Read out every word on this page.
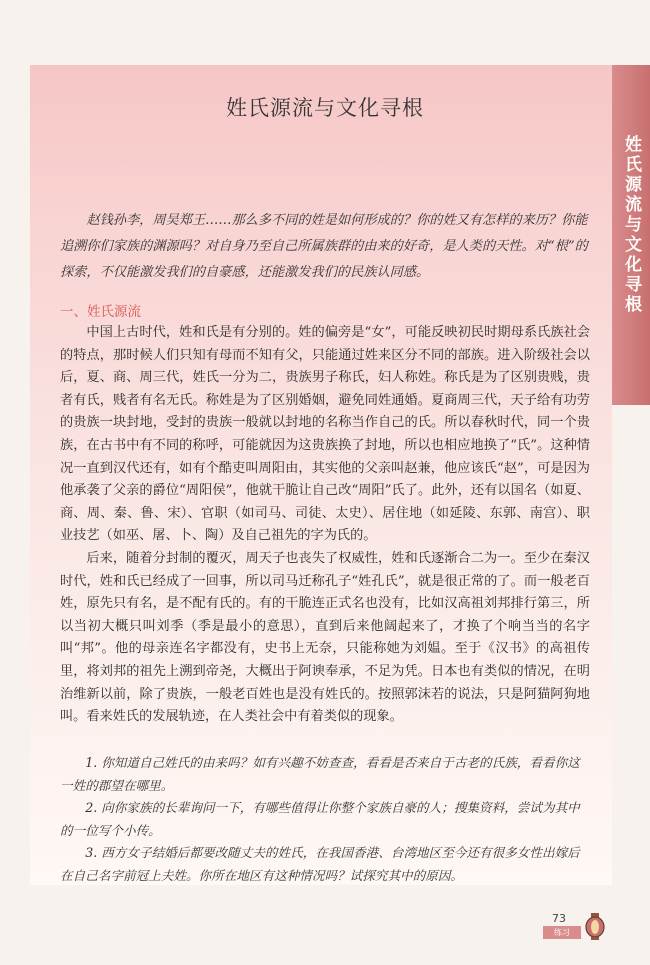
姓氏源流与文化寻根
姓氏源流与文化寻根
赵钱孙李，周吴郑王……那么多不同的姓是如何形成的？你的姓又有怎样的来历？你能追溯你们家族的渊源吗？对自身乃至自己所属族群的由来的好奇，是人类的天性。对“根”的探索，不仅能激发我们的自豪感，还能激发我们的民族认同感。
一、姓氏源流

中国上古时代，姓和氏是有分别的。姓的偏旁是“女”，可能反映初民时期母系氏族社会的特点，那时候人们只知有母而不知有父，只能通过姓来区分不同的部族。进入阶级社会以后，夏、商、周三代，姓氏一分为二，贵族男子称氏，妇人称姓。称氏是为了区别贵贱，贵者有氏，贱者有名无氏。称姓是为了区别婚姻，避免同姓通婚。夏商周三代，天子给有功劳的贵族一块封地，受封的贵族一般就以封地的名称当作自己的氏。所以春秋时代，同一个贵族，在古书中有不同的称呼，可能就因为这贵族换了封地，所以也相应地换了“氏”。这种情况一直到汉代还有，如有个酷吏叫周阳由，其实他的父亲叫赵兼，他应该氏“赵”，可是因为他承袭了父亲的爵位“周阳侯”，他就干脆让自己改“周阳”氏了。此外，还有以国名（如夏、商、周、秦、鲁、宋）、官职（如司马、司徒、太史）、居住地（如延陵、东郭、南宫）、职业技艺（如巫、屠、卜、陶）及自己祖先的字为氏的。

后来，随着分封制的覆灭，周天子也丧失了权威性，姓和氏逐渐合二为一。至少在秦汉时代，姓和氏已经成了一回事，所以司马迁称孔子“姓孔氏”，就是很正常的了。而一般老百姓，原先只有名，是不配有氏的。有的干脆连正式名也没有，比如汉高祖刘邦排行第三，所以当初大概只叫刘季（季是最小的意思），直到后来他阔起来了，才换了个响当当的名字叫“邦”。他的母亲连名字都没有，史书上无奈，只能称她为刘媪。至于《汉书》的高祖传里，将刘邦的祖先上溯到帝尧，大概出于阿谀奉承，不足为凭。日本也有类似的情况，在明治维新以前，除了贵族，一般老百姓也是没有姓氏的。按照郭沫若的说法，只是阿猫阿狗地叫。看来姓氏的发展轨迹，在人类社会中有着类似的现象。

1. 你知道自己姓氏的由来吗？如有兴趣不妨查查，看看是否来自于古老的氏族，看看你这一姓的郡望在哪里。

2. 向你家族的长辈询问一下，有哪些值得让你整个家族自豪的人；搜集资料，尝试为其中的一位写个小传。

3. 西方女子结婚后都要改随丈夫的姓氏，在我国香港、台湾地区至今还有很多女性出嫁后在自己名字前冠上夫姓。你所在地区有这种情况吗？试探究其中的原因。

73
练习
